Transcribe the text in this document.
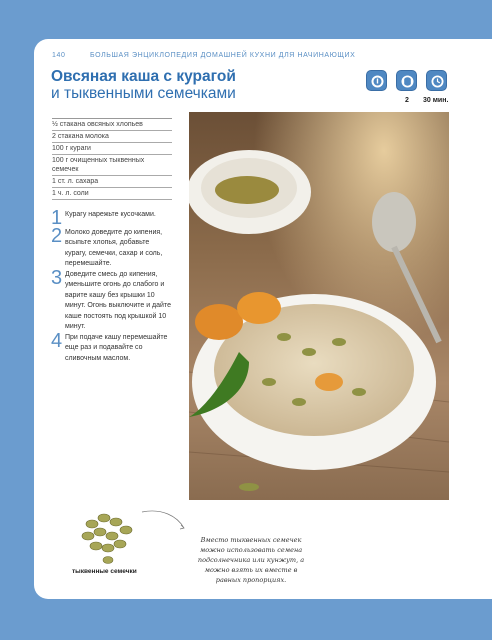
140	БОЛЬШАЯ ЭНЦИКЛОПЕДИЯ ДОМАШНЕЙ КУХНИ ДЛЯ НАЧИНАЮЩИХ
Овсяная каша с курагой
и тыквенными семечками	2 30 мин.
½ стакана овсяных хлопьев
2 стакана молока
100 г кураги
100 г очищенных тыквенных семечек
1 ст. л. сахара
1 ч. л. соли
1 Курагу нарежьте кусочками.
2 Молоко доведите до кипения, всыпьте хлопья, добавьте курагу, семечки, сахар и соль, перемешайте.
3 Доведите смесь до кипения, уменьшите огонь до слабого и варите кашу без крышки 10 минут. Огонь выключите и дайте каше постоять под крышкой 10 минут.
4 При подаче кашу перемешайте еще раз и подавайте со сливочным маслом.
тыквенные семечки
Вместо тыквенных семечек можно использовать семена подсолнечника или кунжут, а можно взять их вместе в равных пропорциях.
